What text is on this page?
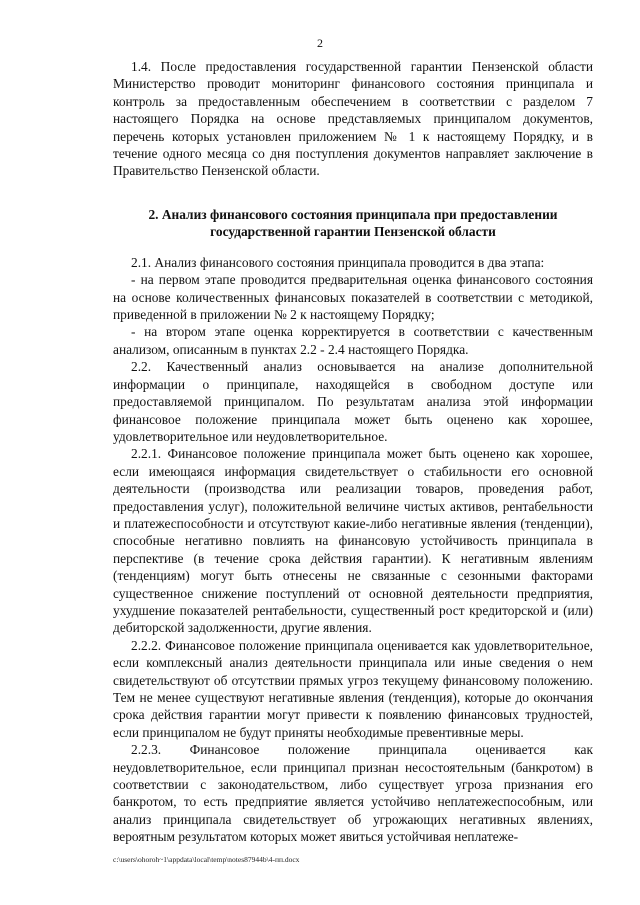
2

1.4. После предоставления государственной гарантии Пензенской области Министерство проводит мониторинг финансового состояния принципала и контроль за предоставленным обеспечением в соответствии с разделом 7 настоящего Порядка на основе представляемых принципалом документов, перечень которых установлен приложением № 1 к настоящему Порядку, и в течение одного месяца со дня поступления документов направляет заключение в Правительство Пензенской области.

2. Анализ финансового состояния принципала при предоставлении государственной гарантии Пензенской области

2.1. Анализ финансового состояния принципала проводится в два этапа:

- на первом этапе проводится предварительная оценка финансового состояния на основе количественных финансовых показателей в соответствии с методикой, приведенной в приложении № 2 к настоящему Порядку;

- на втором этапе оценка корректируется в соответствии с качественным анализом, описанным в пунктах 2.2 - 2.4 настоящего Порядка.

2.2. Качественный анализ основывается на анализе дополнительной информации о принципале, находящейся в свободном доступе или предоставляемой принципалом. По результатам анализа этой информации финансовое положение принципала может быть оценено как хорошее, удовлетворительное или неудовлетворительное.

2.2.1. Финансовое положение принципала может быть оценено как хорошее, если имеющаяся информация свидетельствует о стабильности его основной деятельности (производства или реализации товаров, проведения работ, предоставления услуг), положительной величине чистых активов, рентабельности и платежеспособности и отсутствуют какие-либо негативные явления (тенденции), способные негативно повлиять на финансовую устойчивость принципала в перспективе (в течение срока действия гарантии). К негативным явлениям (тенденциям) могут быть отнесены не связанные с сезонными факторами существенное снижение поступлений от основной деятельности предприятия, ухудшение показателей рентабельности, существенный рост кредиторской и (или) дебиторской задолженности, другие явления.

2.2.2. Финансовое положение принципала оценивается как удовлетворительное, если комплексный анализ деятельности принципала или иные сведения о нем свидетельствуют об отсутствии прямых угроз текущему финансовому положению. Тем не менее существуют негативные явления (тенденция), которые до окончания срока действия гарантии могут привести к появлению финансовых трудностей, если принципалом не будут приняты необходимые превентивные меры.

2.2.3. Финансовое положение принципала оценивается как неудовлетворительное, если принципал признан несостоятельным (банкротом) в соответствии с законодательством, либо существует угроза признания его банкротом, то есть предприятие является устойчиво неплатежеспособным, или анализ принципала свидетельствует об угрожающих негативных явлениях, вероятным результатом которых может явиться устойчивая неплатеже-

c:\users\ohoroh~1\appdata\local\temp\notes87944b\4-пп.docx
